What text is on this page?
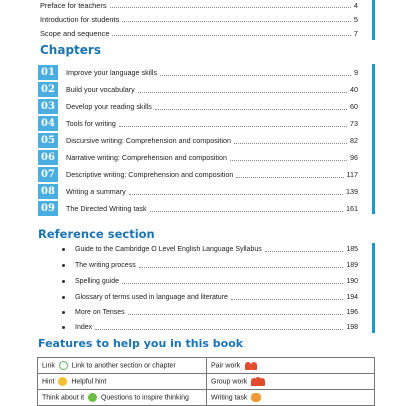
Preface for teachers	4
Introduction for students	5
Scope and sequence	7
Chapters
01	Improve your language skills	9
02	Build your vocabulary	40
03	Develop your reading skills	60
04	Tools for writing	73
05	Discursive writing: Comprehension and composition	82
06	Narrative writing: Comprehension and composition	96
07	Descriptive writing: Comprehension and composition	117
08	Writing a summary	139
09	The Directed Writing task	161
Reference section
Guide to the Cambridge O Level English Language Syllabus	185
The writing process	189
Spelling guide	190
Glossary of terms used in language and literature	194
More on Tenses	196
Index	198
Features to help you in this book
Link Link to another section or chapter	Pair work

Hint Helpful hint	Group work

Think about it Questions to inspire thinking	Writing task
